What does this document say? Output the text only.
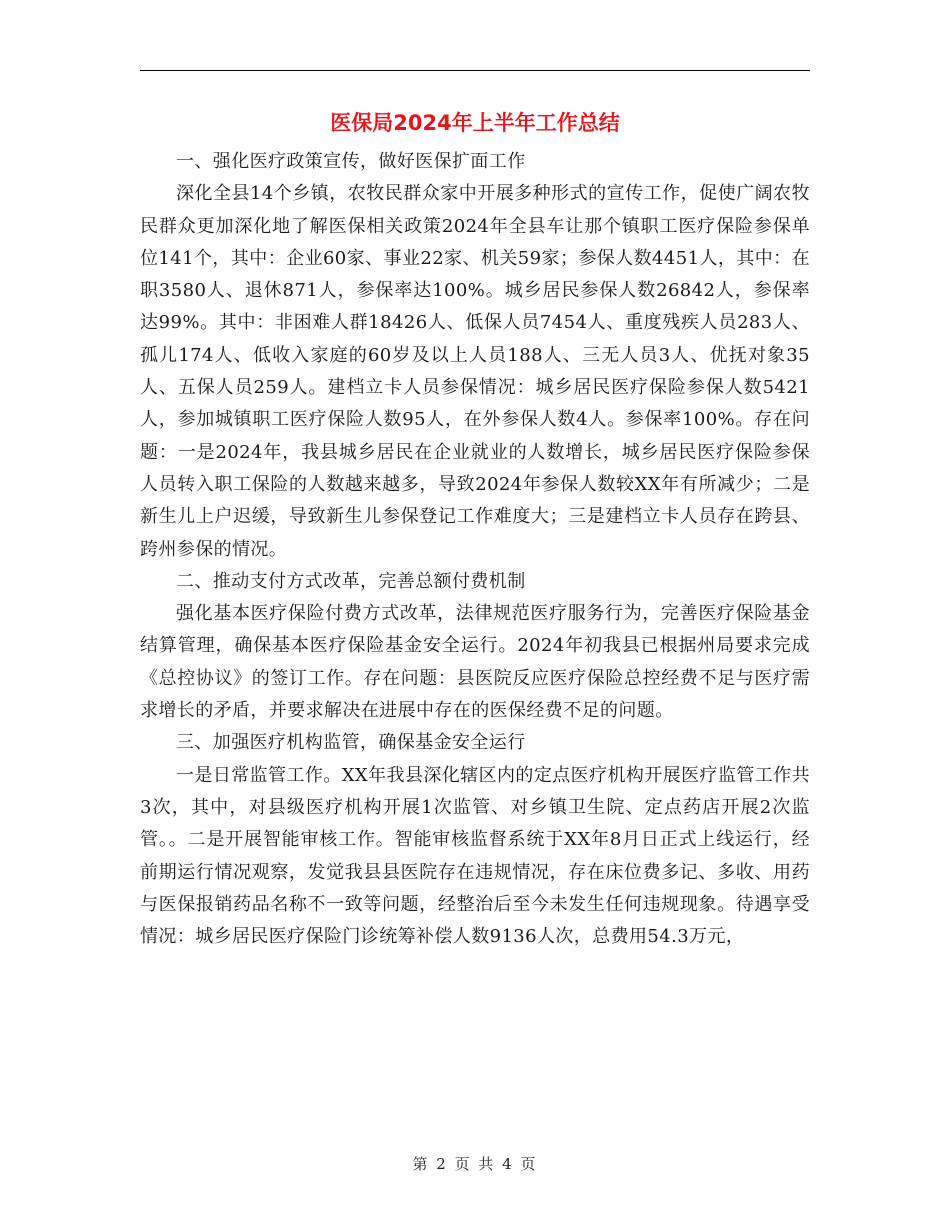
医保局2024年上半年工作总结

一、强化医疗政策宣传，做好医保扩面工作

深化全县14个乡镇，农牧民群众家中开展多种形式的宣传工作，促使广阔农牧民群众更加深化地了解医保相关政策2024年全县车让那个镇职工医疗保险参保单位141个，其中：企业60家、事业22家、机关59家；参保人数4451人，其中：在职3580人、退休871人，参保率达100%。城乡居民参保人数26842人，参保率达99%。其中：非困难人群18426人、低保人员7454人、重度残疾人员283人、孤儿174人、低收入家庭的60岁及以上人员188人、三无人员3人、优抚对象35人、五保人员259人。建档立卡人员参保情况：城乡居民医疗保险参保人数5421人，参加城镇职工医疗保险人数95人，在外参保人数4人。参保率100%。存在问题：一是2024年，我县城乡居民在企业就业的人数增长，城乡居民医疗保险参保人员转入职工保险的人数越来越多，导致2024年参保人数较XX年有所减少；二是新生儿上户迟缓，导致新生儿参保登记工作难度大；三是建档立卡人员存在跨县、跨州参保的情况。

二、推动支付方式改革，完善总额付费机制

强化基本医疗保险付费方式改革，法律规范医疗服务行为，完善医疗保险基金结算管理，确保基本医疗保险基金安全运行。2024年初我县已根据州局要求完成《总控协议》的签订工作。存在问题：县医院反应医疗保险总控经费不足与医疗需求增长的矛盾，并要求解决在进展中存在的医保经费不足的问题。

三、加强医疗机构监管，确保基金安全运行

一是日常监管工作。XX年我县深化辖区内的定点医疗机构开展医疗监管工作共3次，其中，对县级医疗机构开展1次监管、对乡镇卫生院、定点药店开展2次监管。。二是开展智能审核工作。智能审核监督系统于XX年8月日正式上线运行，经前期运行情况观察，发觉我县县医院存在违规情况，存在床位费多记、多收、用药与医保报销药品名称不一致等问题，经整治后至今未发生任何违规现象。待遇享受情况：城乡居民医疗保险门诊统筹补偿人数9136人次，总费用54.3万元，

第 2 页 共 4 页
